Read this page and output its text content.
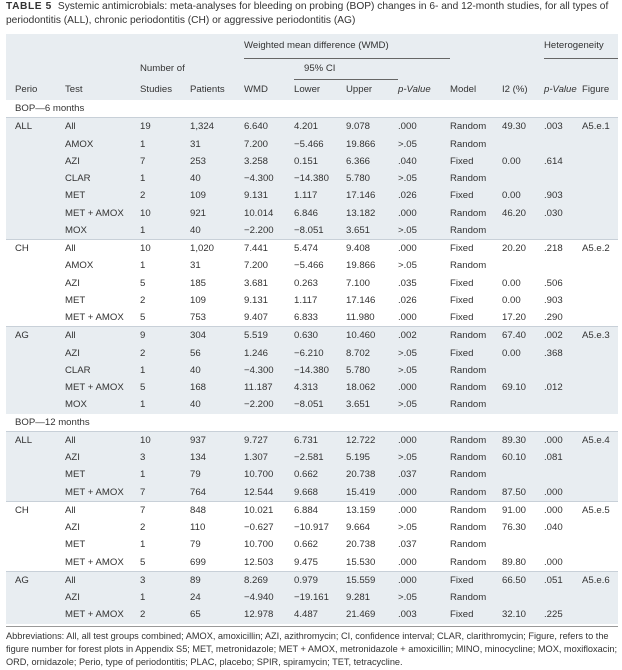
TABLE 5 Systemic antimicrobials: meta-analyses for bleeding on probing (BOP) changes in 6- and 12-month studies, for all types of periodontitis (ALL), chronic periodontitis (CH) or aggressive periodontitis (AG)
				Weighted mean difference (WMD)						Heterogeneity		
		Number of			95% CI							
Perio	Test	Studies	Patients	WMD	Lower	Upper	p-Value	Model	I2 (%)	p-Value	Figure	
BOP—6 months												
ALL	All	19	1,324	6.640	4.201	9.078	.000	Random	49.30	.003	A5.e.1	
	AMOX	1	31	7.200	−5.466	19.866	>.05	Random				
	AZI	7	253	3.258	0.151	6.366	.040	Fixed	0.00	.614		
	CLAR	1	40	−4.300	−14.380	5.780	>.05	Random				
	MET	2	109	9.131	1.117	17.146	.026	Fixed	0.00	.903		
	MET + AMOX	10	921	10.014	6.846	13.182	.000	Random	46.20	.030		
	MOX	1	40	−2.200	−8.051	3.651	>.05	Random				
CH	All	10	1,020	7.441	5.474	9.408	.000	Fixed	20.20	.218	A5.e.2	
	AMOX	1	31	7.200	−5.466	19.866	>.05	Random				
	AZI	5	185	3.681	0.263	7.100	.035	Fixed	0.00	.506		
	MET	2	109	9.131	1.117	17.146	.026	Fixed	0.00	.903		
	MET + AMOX	5	753	9.407	6.833	11.980	.000	Fixed	17.20	.290		
AG	All	9	304	5.519	0.630	10.460	.002	Random	67.40	.002	A5.e.3	
	AZI	2	56	1.246	−6.210	8.702	>.05	Fixed	0.00	.368		
	CLAR	1	40	−4.300	−14.380	5.780	>.05	Random				
	MET + AMOX	5	168	11.187	4.313	18.062	.000	Random	69.10	.012		
	MOX	1	40	−2.200	−8.051	3.651	>.05	Random				
BOP—12 months												
ALL	All	10	937	9.727	6.731	12.722	.000	Random	89.30	.000	A5.e.4	
	AZI	3	134	1.307	−2.581	5.195	>.05	Random	60.10	.081		
	MET	1	79	10.700	0.662	20.738	.037	Random				
	MET + AMOX	7	764	12.544	9.668	15.419	.000	Random	87.50	.000		
CH	All	7	848	10.021	6.884	13.159	.000	Random	91.00	.000	A5.e.5	
	AZI	2	110	−0.627	−10.917	9.664	>.05	Random	76.30	.040		
	MET	1	79	10.700	0.662	20.738	.037	Random				
	MET + AMOX	5	699	12.503	9.475	15.530	.000	Random	89.80	.000		
AG	All	3	89	8.269	0.979	15.559	.000	Fixed	66.50	.051	A5.e.6	
	AZI	1	24	−4.940	−19.161	9.281	>.05	Random				
	MET + AMOX	2	65	12.978	4.487	21.469	.003	Fixed	32.10	.225		
Abbreviations: All, all test groups combined; AMOX, amoxicillin; AZI, azithromycin; CI, confidence interval; CLAR, clarithromycin; Figure, refers to the figure number for forest plots in Appendix S5; MET, metronidazole; MET + AMOX, metronidazole + amoxicillin; MINO, minocycline; MOX, moxifloxacin; ORD, ornidazole; Perio, type of periodontitis; PLAC, placebo; SPIR, spiramycin; TET, tetracycline.
